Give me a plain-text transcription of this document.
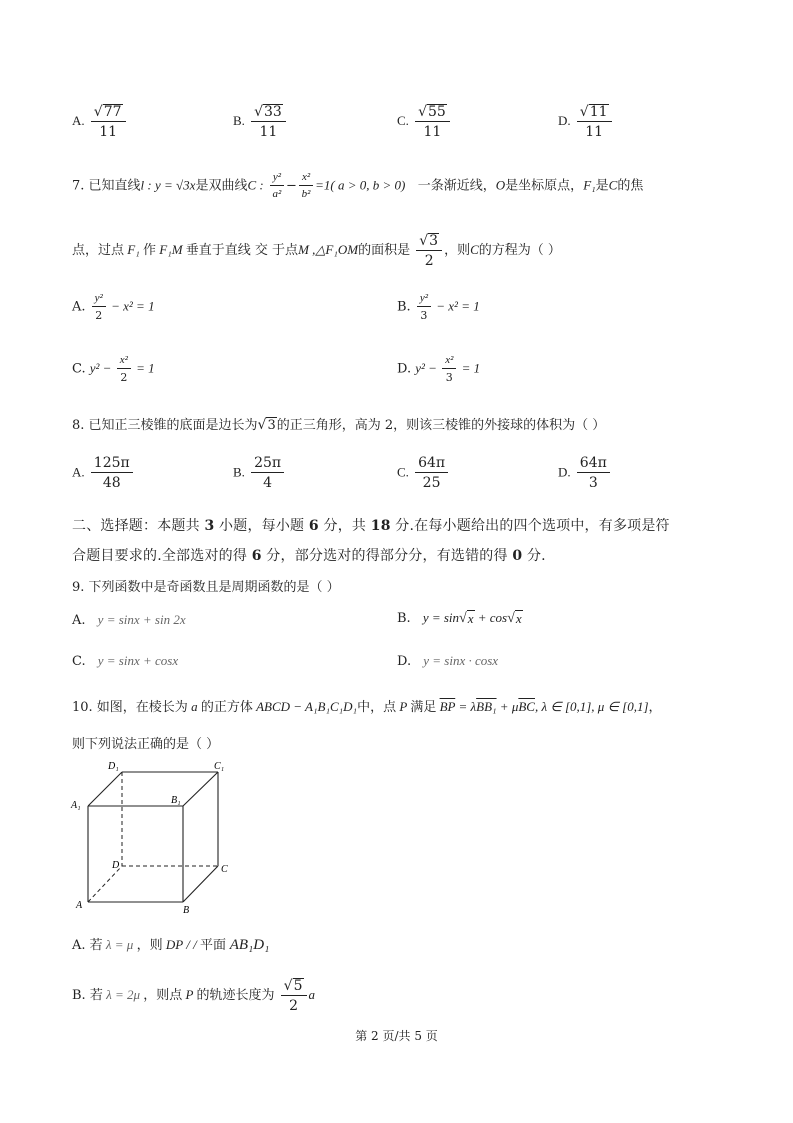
A. $\frac{√ 77}{11}$	B. $\frac{√ 33}{11}$	C. $\frac{√ 55}{11}$	D. $\frac{√ 11}{11}$
7. 已知直线l : y = √3x是双曲线C : $\frac{\text{y²}}{\text{a²}} - \frac{\text{x²}}{\text{b²}} =1$( a > 0, b > 0) 一条渐近线，O是坐标原点，F₁是C的焦
点，过点 F₁ 作 F₁M 垂直于直线 交 于点M ,△F₁OM的面积是 $\frac{√ 3}{2}$ ，则C的方程为（ ）
A. $\frac{\text{y²}}{2} - x^2 = 1$	B. $\frac{\text{y²}}{3} - x^2 = 1$
C. $y^2 - \frac{\text{x²}}{2} = 1$	D. $y^2 - \frac{\text{x²}}{3} = 1$
8. 已知正三棱锥的底面是边长为 √ 3 的正三角形，高为 2，则该三棱锥的外接球的体积为（ ）
A. $\frac{125\pi}{48}$	B. $\frac{25\pi}{4}$	C. $\frac{64\pi}{25}$	D. $\frac{64\pi}{3}$
二、选择题：本题共 3 小题，每小题 6 分，共 18 分.在每小题给出的四个选项中，有多项是符
合题目要求的.全部选对的得 6 分，部分选对的得部分分，有选错的得 0 分.
9. 下列函数中是奇函数且是周期函数的是（ ）
A. y = sinx + sin 2x	B. y = sin √ x + cos √ x
C. y = sinx + cosx	D. y = sinx · cosx
10. 如图，在棱长为 a 的正方体 ABCD − A₁B₁C₁D₁中，点 P 满足 $\overline{BP} = \lambda BB_1 + \mu\overline{BC}$, λ ∈ [0,1], μ ∈ [0,1]，
则下列说法正确的是（ ）
D₁	C₁
A₁	B₁
D	C
A	B
A. 若 λ = μ ，则 DP / / 平面 AB₁D₁
B. 若 λ = 2μ ，则点 P 的轨迹长度为 $\frac{√ 5}{2}$ a
第 2 页/共 5 页
